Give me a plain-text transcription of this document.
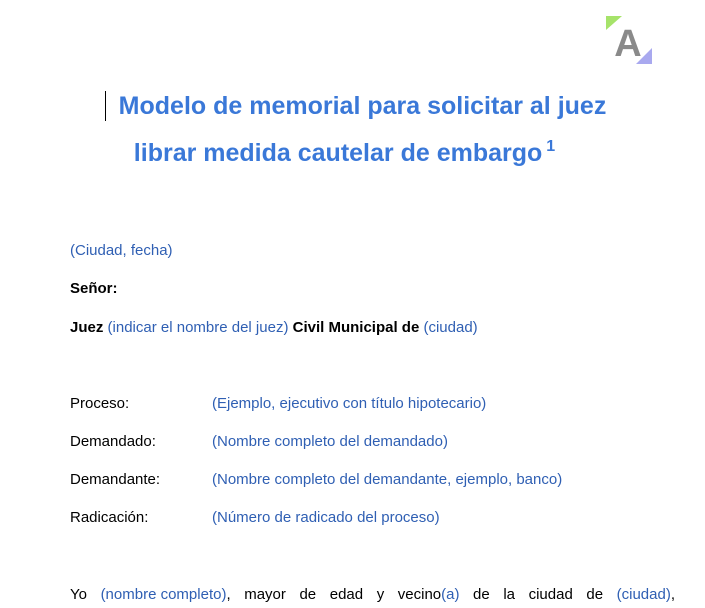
A
Modelo de memorial para solicitar al juez
librar medida cautelar de embargo $^1$
(Ciudad, fecha)
Señor:
Juez (indicar el nombre del juez) Civil Municipal de (ciudad)
Proceso:	(Ejemplo, ejecutivo con título hipotecario)
Demandado:	(Nombre completo del demandado)
Demandante:	(Nombre completo del demandante, ejemplo, banco)
Radicación:	(Número de radicado del proceso)
Yo (nombre completo), mayor de edad y vecino(a) de la ciudad de (ciudad),
